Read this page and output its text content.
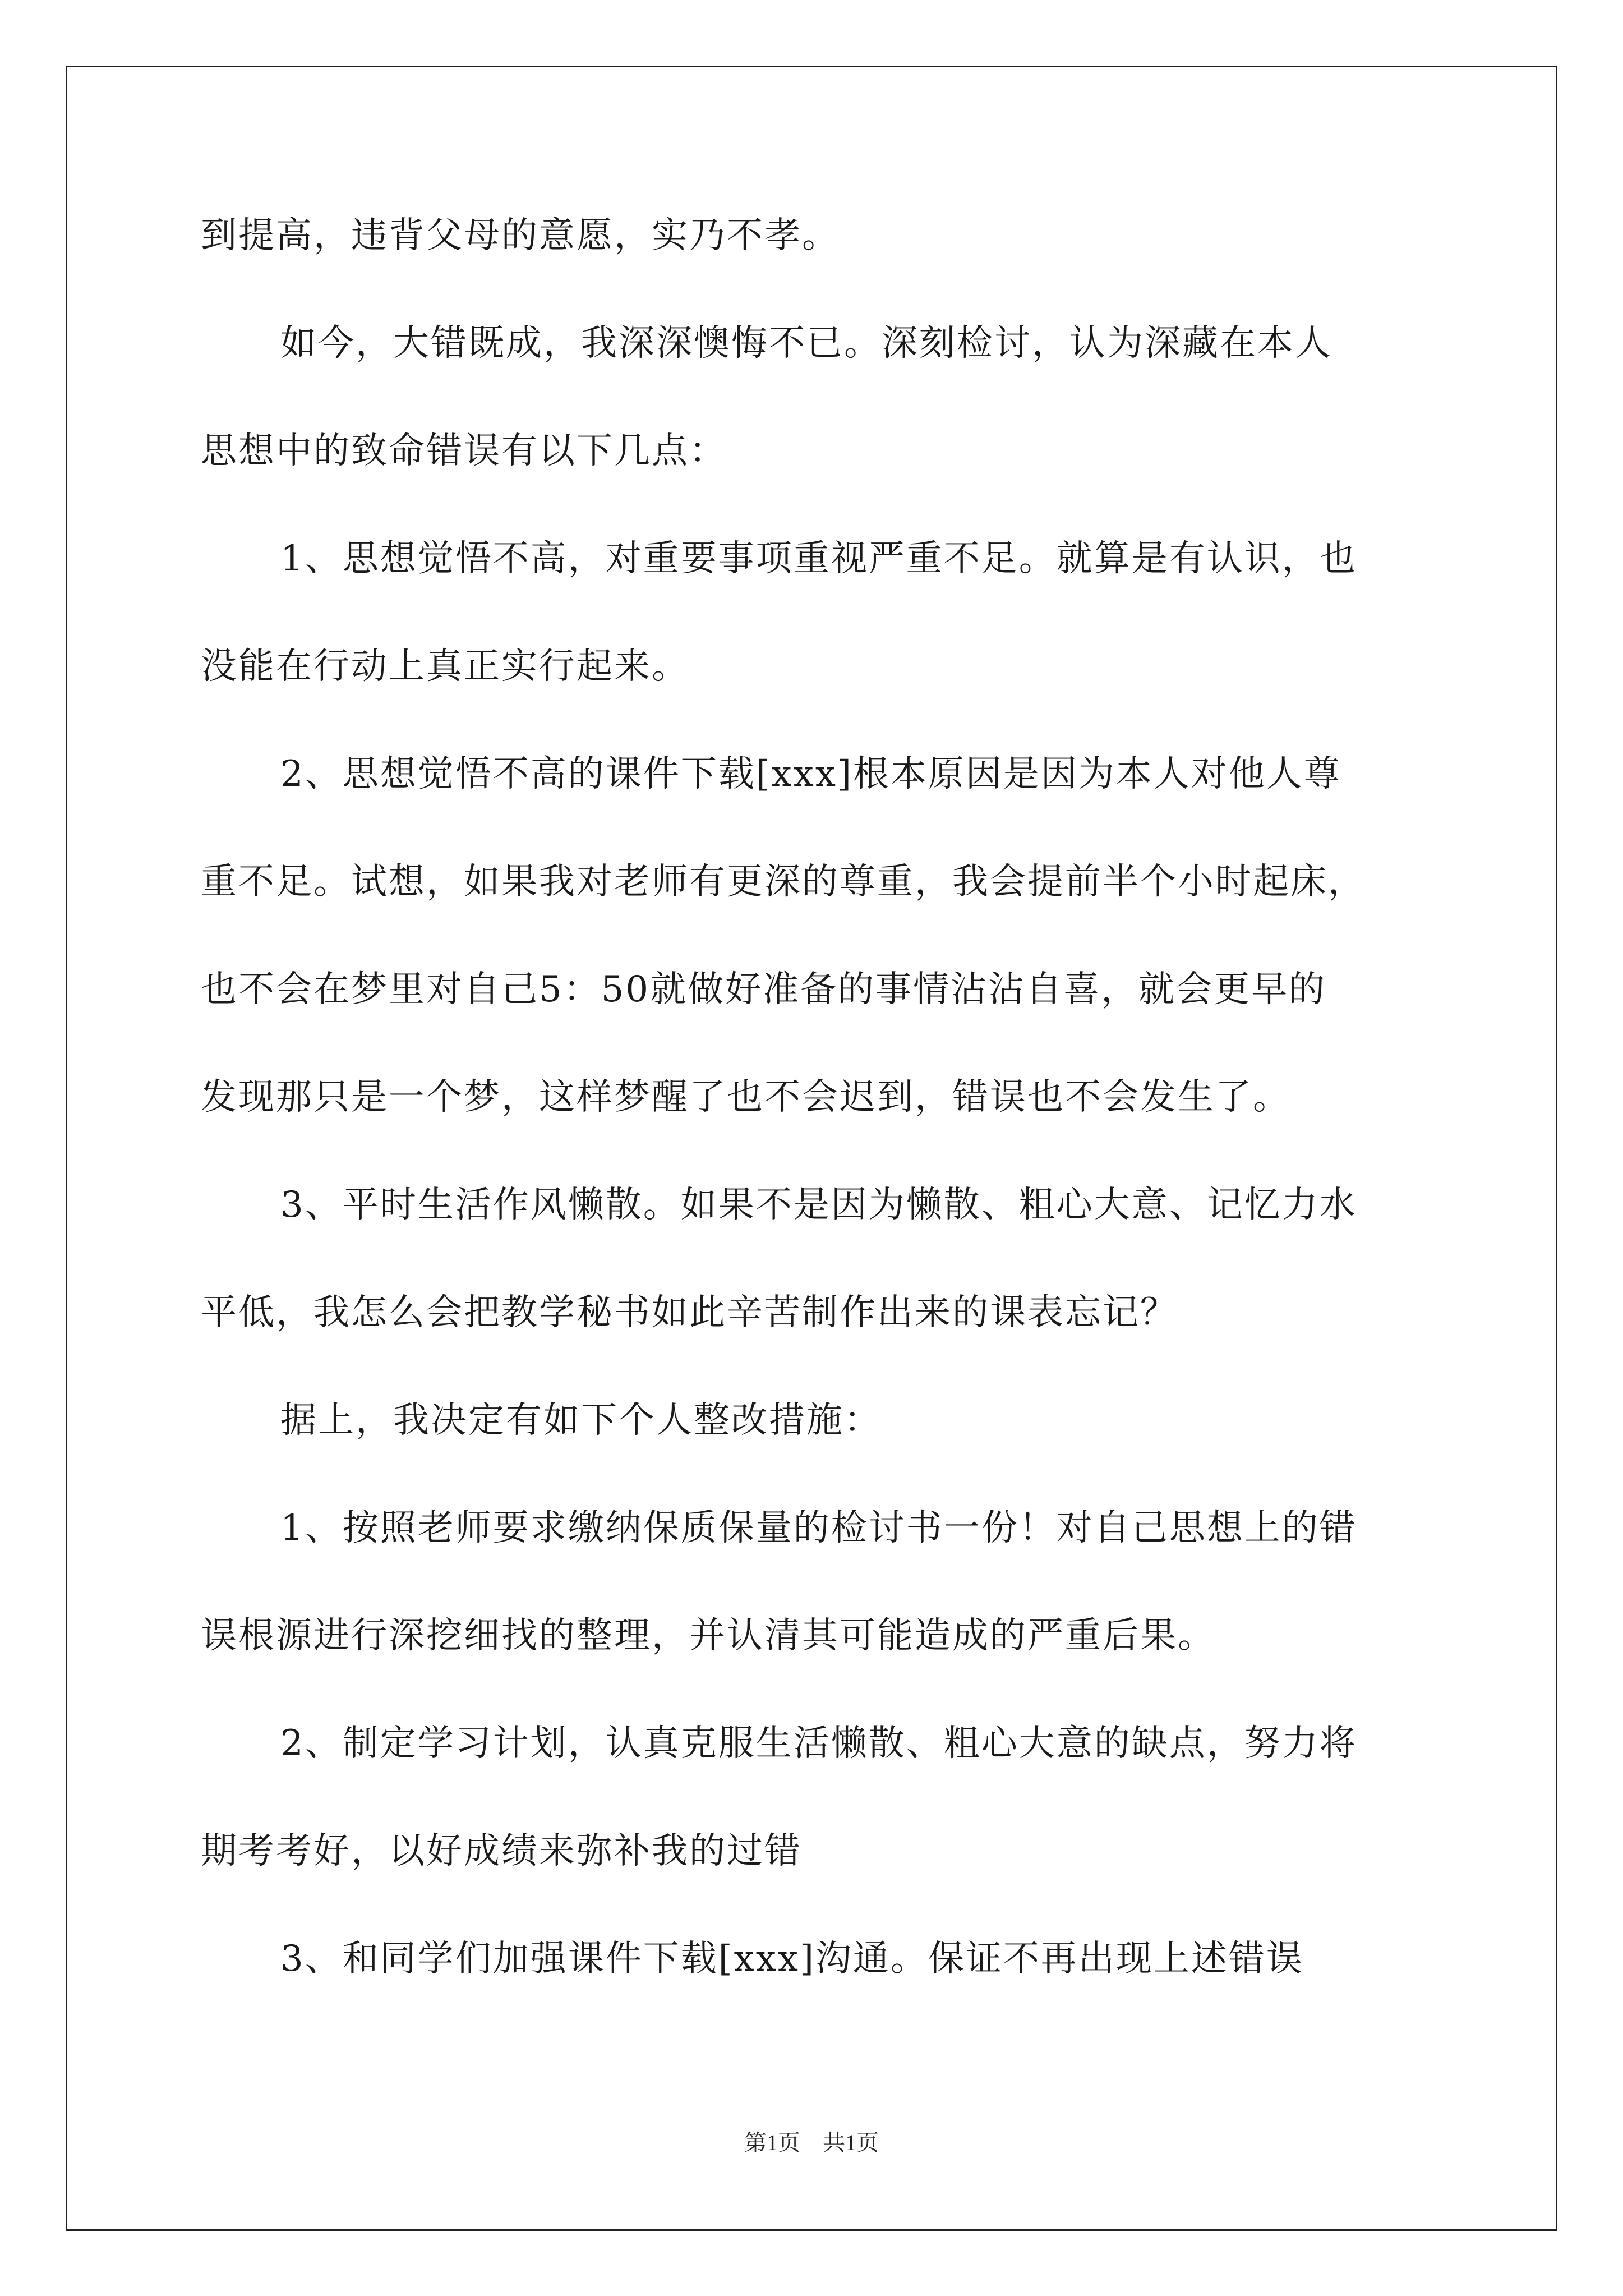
到提高，违背父母的意愿，实乃不孝。
如今，大错既成，我深深懊悔不已。深刻检讨，认为深藏在本人
思想中的致命错误有以下几点：
1、思想觉悟不高，对重要事项重视严重不足。就算是有认识，也
没能在行动上真正实行起来。
2、思想觉悟不高的课件下载[xxx]根本原因是因为本人对他人尊
重不足。试想，如果我对老师有更深的尊重，我会提前半个小时起床，
也不会在梦里对自己5：50就做好准备的事情沾沾自喜，就会更早的
发现那只是一个梦，这样梦醒了也不会迟到，错误也不会发生了。
3、平时生活作风懒散。如果不是因为懒散、粗心大意、记忆力水
平低，我怎么会把教学秘书如此辛苦制作出来的课表忘记？
据上，我决定有如下个人整改措施：
1、按照老师要求缴纳保质保量的检讨书一份！对自己思想上的错
误根源进行深挖细找的整理，并认清其可能造成的严重后果。
2、制定学习计划，认真克服生活懒散、粗心大意的缺点，努力将
期考考好，以好成绩来弥补我的过错
3、和同学们加强课件下载[xxx]沟通。保证不再出现上述错误
第1页　共1页
